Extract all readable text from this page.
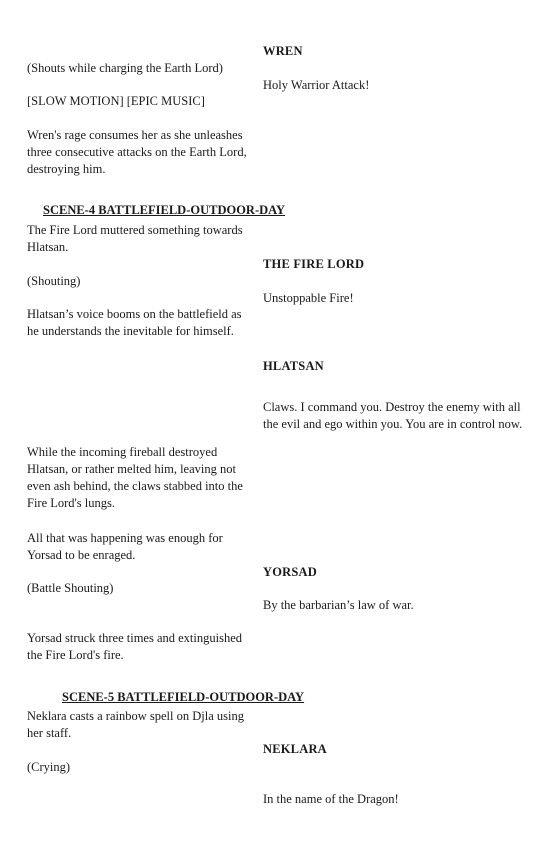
(Shouts while charging the Earth Lord)

[SLOW MOTION] [EPIC MUSIC]

Wren's rage consumes her as she unleashes three consecutive attacks on the Earth Lord, destroying him.

SCENE-4 BATTLEFIELD-OUTDOOR-DAY

The Fire Lord muttered something towards Hlatsan.

(Shouting)

Hlatsan’s voice booms on the battlefield as he understands the inevitable for himself.

While the incoming fireball destroyed Hlatsan, or rather melted him, leaving not even ash behind, the claws stabbed into the Fire Lord's lungs.

All that was happening was enough for Yorsad to be enraged.

(Battle Shouting)

Yorsad struck three times and extinguished the Fire Lord's fire.

SCENE-5 BATTLEFIELD-OUTDOOR-DAY

Neklara casts a rainbow spell on Djla using her staff.

(Crying)

WREN

Holy Warrior Attack!

THE FIRE LORD

Unstoppable Fire!

HLATSAN

Claws. I command you. Destroy the enemy with all the evil and ego within you. You are in control now.

YORSAD

By the barbarian’s law of war.

NEKLARA

In the name of the Dragon!
